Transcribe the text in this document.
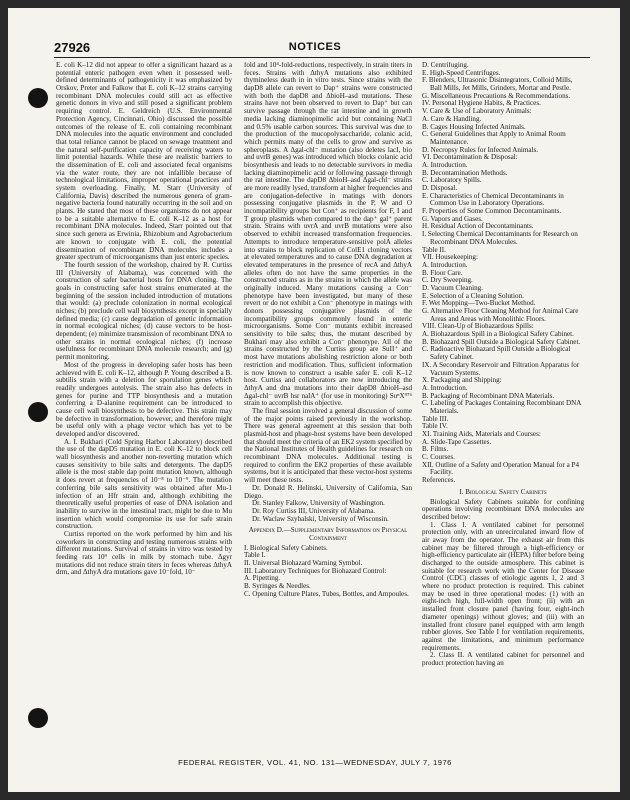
27926	NOTICES

E. coli K–12 did not appear to offer a significant hazard as a potential enteric pathogen even when it possessed well-defined determinants of pathogenicity it was emphasized by Orskov, Preter and Falkow that E. coli K–12 strains carrying recombinant DNA molecules could still act as effective genetic donors in vivo and still posed a significant problem requiring control. E. Geldreich (U.S. Environmental Protection Agency, Cincinnati, Ohio) discussed the possible outcomes of the release of E. coli containing recombinant DNA molecules into the aquatic environment and concluded that total reliance cannot be placed on sewage treatment and the natural self-purification capacity of receiving waters to limit potential hazards. While these are realistic barriers to the dissemination of E. coli and associated fecal organisms via the water route, they are not infallible because of technological limitations, improper operational practices and system overloading. Finally, M. Starr (University of California, Davis) described the numerous genera of gram-negative bacteria found naturally occurring in the soil and on plants. He stated that most of these organisms do not appear to be a suitable alternative to E. coli K–12 as a host for recombinant DNA molecules. Indeed, Starr pointed out that since such genera as Erwinia, Rhizobium and Agrobacterium are known to conjugate with E. coli, the potential dissemination of recombinant DNA molecules includes a greater spectrum of microorganisms than just enteric species.

The fourth session of the workshop, chaired by R. Curtiss III (University of Alabama), was concerned with the construction of safer bacterial hosts for DNA cloning. The goals in constructing safer host strains enumerated at the beginning of the session included introduction of mutations that would: (a) preclude colonization in normal ecological niches; (b) preclude cell wall biosynthesis except in specially defined media; (c) cause degradation of genetic information in normal ecological niches; (d) cause vectors to be host-dependent; (e) minimize transmission of recombinant DNA to other strains in normal ecological niches; (f) increase usefulness for recombinant DNA molecule research; and (g) permit monitoring.

Most of the progress in developing safer hosts has been achieved with E. coli K–12, although P. Young described a B. subtilis strain with a deletion for sporulation genes which readily undergoes autolysis. The strain also has defects in genes for purine and TTP biosynthesis and a mutation conferring a D-alanine requirement can be introduced to cause cell wall biosynthesis to be defective. This strain may be defective in transformation, however, and therefore might be useful only with a phage vector which has yet to be developed and/or discovered.

A. I. Bukhari (Cold Spring Harbor Laboratory) described the use of the dapD5 mutation in E. coli K–12 to block cell wall biosynthesis and another non-reverting mutation which causes sensitivity to bile salts and detergents. The dapD5 allele is the most stable dap point mutation known, although it does revert at frequencies of 10⁻⁸ to 10⁻⁹. The mutation conferring bile salts sensitivity was obtained after Mu-1 infection of an Hfr strain and, although exhibiting the theoretically useful properties of ease of DNA isolation and inability to survive in the intestinal tract, might be due to Mu insertion which would compromise its use for safe strain construction.

Curtiss reported on the work performed by him and his coworkers in constructing and testing numerous strains with different mutations. Survival of strains in vitro was tested by feeding rats 10⁹ cells in milk by stomach tube. Δgyr mutations did not reduce strain titers in feces whereas ΔthyA drm, and ΔthyA dra mutations gave 10⁻fold, 10⁻

fold and 10⁴-fold-reductions, respectively, in strain titers in feces. Strains with ΔthyA mutations also exhibited thymineless death in in vitro tests. Since strains with the dapD8 allele can revert to Dap⁺ strains were constructed with both the dapD8 and ΔbioH–asd mutations. These strains have not been observed to revert to Dap⁺ but can survive passage through the rat intestine and in growth media lacking diaminopimelic acid but containing NaCl and 0.5% usable carbon sources. This survival was due to the production of the mucopolysaccharide, colanic acid, which permits many of the cells to grow and survive as spheroplasts. A Δgal-chl⁻ mutation (also deletes lacI, bio and uvrB genes) was introduced which blocks colanic acid biosynthesis and leads to no detectable survivors in media lacking diaminopimelic acid or following passage through the rat intestine. The dapD8 ΔbioH–asd Δgal-chl⁻ strains are more readily lysed, transform at higher frequencies and are conjugation-defective in matings with donors possessing conjugative plasmids in the P, W and O incompatibility groups but Con⁺ as recipients for F, I and T group plasmids when compared to the dap⁺ gal⁺ parent strain. Strains with uvrA and uvrB mutations were also observed to exhibit increased transformation frequencies. Attempts to introduce temperature-sensitive polA alleles into strains to block replication of ColE1 cloning vectors at elevated temperatures and to cause DNA degradation at elevated temperatures in the presence of recA and ΔthyA alleles often do not have the same properties in the constructed strains as in the strains in which the allele was originally induced. Many mutations causing a Con⁻ phenotype have been investigated, but many of these revert or do not exhibit a Con⁻ phenotype in matings with donors possessing conjugative plasmids of the incompatibility groups commonly found in enteric microorganisms. Some Con⁻ mutants exhibit increased sensitivity to bile salts; thus, the mutant described by Bukhari may also exhibit a Con⁻ phenotype. All of the strains constructed by the Curtiss group are SuII⁺ and most have mutations abolishing restriction alone or both restriction and modification. Thus, sufficient information is now known to construct a usable safer E. coli K–12 host. Curtiss and collaborators are now introducing the ΔthyA and dna mutations into their dapD8 ΔbioH–asd Δgal-chl⁻ uvrB hsr nalA⁺ (for use in monitoring) SuⁿX⁹⁷⁶ strain to accomplish this objective.

The final session involved a general discussion of some of the major points raised previously in the workshop. There was general agreement at this session that both plasmid-host and phage-host systems have been developed that should meet the criteria of an EK2 system specified by the National Institutes of Health guidelines for research on recombinant DNA molecules. Additional testing is required to confirm the EK2 properties of these available systems, but it is anticipated that these vector-host systems will meet these tests.

Dr. Donald R. Helinski, University of California, San Diego.

Dr. Stanley Falkow, University of Washington.

Dr. Roy Curtiss III, University of Alabama.

Dr. Waclaw Szybalski, University of Wisconsin.

Appendix D.—Supplementary Information on Physical Containment

I. Biological Safety Cabinets.
Table I.
II. Universal Biohazard Warning Symbol.
III. Laboratory Techniques for Biohazard Control:
A. Pipetting.
B. Syringes & Needles.
C. Opening Culture Plates, Tubes, Bottles, and Ampoules.
D. Centrifuging.
E. High-Speed Centrifuges.
F. Blenders, Ultrasonic Disintegrators, Colloid Mills, Ball Mills, Jet Mills, Grinders, Mortar and Pestle.
G. Miscellaneous Precautions & Recommendations.
IV. Personal Hygiene Habits, & Practices.
V. Care & Use of Laboratory Animals:
A. Care & Handling.
B. Cages Housing Infected Animals.
C. General Guidelines that Apply to Animal Room Maintenance.
D. Necropsy Rules for Infected Animals.
VI. Decontamination & Disposal:
A. Introduction.
B. Decontamination Methods.
C. Laboratory Spills.
D. Disposal.
E. Characteristics of Chemical Decontaminants in Common Use in Laboratory Operations.
F. Properties of Some Common Decontaminants.
G. Vapors and Gases.
H. Residual Action of Decontaminants.
I. Selecting Chemical Decontaminants for Research on Recombinant DNA Molecules.
Table II.
VII. Housekeeping:
A. Introduction.
B. Floor Care.
C. Dry Sweeping.
D. Vacuum Cleaning.
E. Selection of a Cleaning Solution.
F. Wet Mopping—Two-Bucket Method.
G. Alternative Floor Cleaning Method for Animal Care Areas and Areas with Monolithic Floors.
VIII. Clean-Up of Biohazardous Spills:
A. Biohazardous Spill in a Biological Safety Cabinet.
B. Biohazard Spill Outside a Biological Safety Cabinet.
C. Radioactive Biohazard Spill Outside a Biological Safety Cabinet.
IX. A Secondary Reservoir and Filtration Apparatus for Vacuum Systems.
X. Packaging and Shipping:
A. Introduction.
B. Packaging of Recombinant DNA Materials.
C. Labeling of Packages Containing Recombinant DNA Materials.
Table III.
Table IV.
XI. Training Aids, Materials and Courses:
A. Slide-Tape Cassettes.
B. Films.
C. Courses.
XII. Outline of a Safety and Operation Manual for a P4 Facility.
References.

I. Biological Safety Cabinets

Biological Safety Cabinets suitable for confining operations involving recombinant DNA molecules are described below:

1. Class I. A ventilated cabinet for personnel protection only, with an unrecirculated inward flow of air away from the operator. The exhaust air from this cabinet may be filtered through a high-efficiency or high-efficiency particulate air (HEPA) filter before being discharged to the outside atmosphere. This cabinet is suitable for research work with the Center for Disease Control (CDC) classes of etiologic agents 1, 2 and 3 where no product protection is required. This cabinet may be used in three operational modes: (1) with an eight-inch high, full-width open front; (ii) with an installed front closure panel (having four, eight-inch diameter openings) without gloves; and (iii) with an installed front closure panel equipped with arm length rubber gloves. See Table I for ventilation requirements, against the limitations, and minimum performance requirements.

2. Class II. A ventilated cabinet for personnel and product protection having an

FEDERAL REGISTER, VOL. 41, NO. 131—WEDNESDAY, JULY 7, 1976
